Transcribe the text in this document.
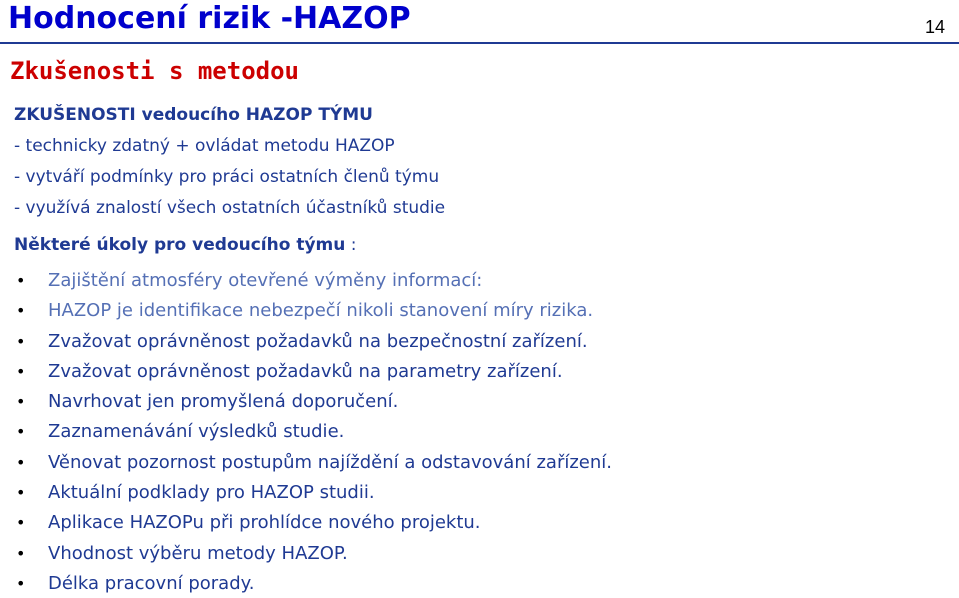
Hodnocení rizik -HAZOP	14
Zkušenosti s metodou
ZKUŠENOSTI vedoucího HAZOP TÝMU
- technicky zdatný + ovládat metodu HAZOP
- vytváří podmínky pro práci ostatních členů týmu
- využívá znalostí všech ostatních účastníků studie
Některé úkoly pro vedoucího týmu :
• Zajištění atmosféry otevřené výměny informací:
• HAZOP je identifikace nebezpečí nikoli stanovení míry rizika.
• Zvažovat oprávněnost požadavků na bezpečnostní zařízení.
• Zvažovat oprávněnost požadavků na parametry zařízení.
• Navrhovat jen promyšlená doporučení.
• Zaznamenávání výsledků studie.
• Věnovat pozornost postupům najíždění a odstavování zařízení.
• Aktuální podklady pro HAZOP studii.
• Aplikace HAZOPu při prohlídce nového projektu.
• Vhodnost výběru metody HAZOP.
• Délka pracovní porady.
